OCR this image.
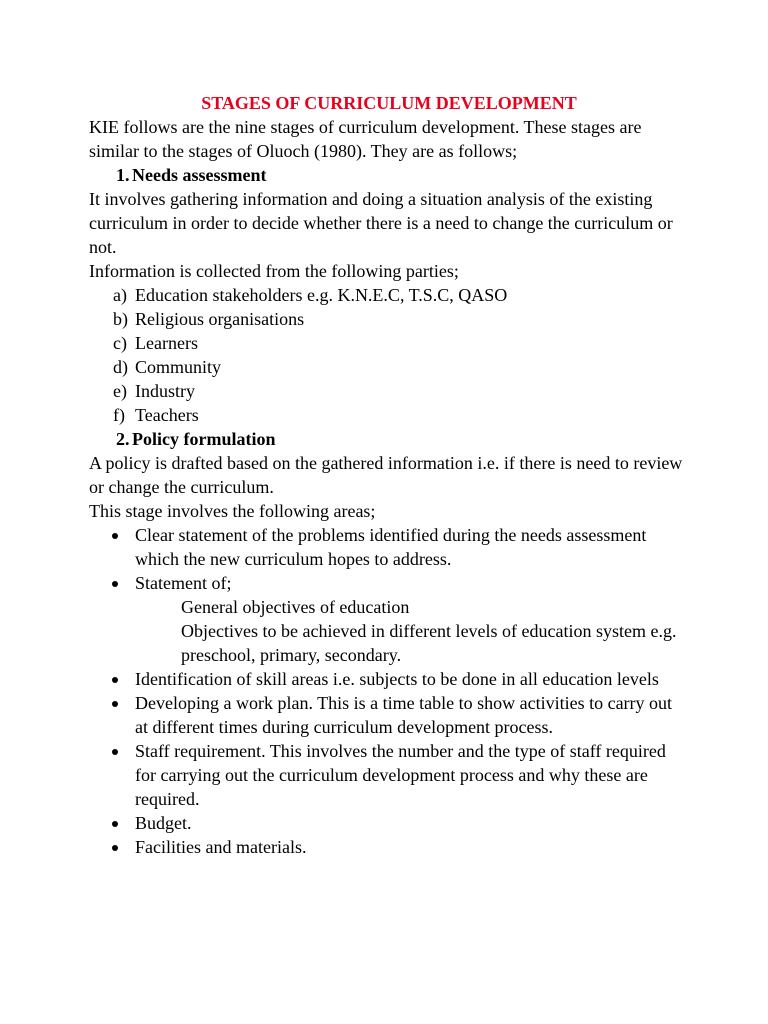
STAGES OF CURRICULUM DEVELOPMENT
KIE follows are the nine stages of curriculum development. These stages are similar to the stages of Oluoch (1980). They are as follows;
1. Needs assessment
It involves gathering information and doing a situation analysis of the existing curriculum in order to decide whether there is a need to change the curriculum or not.
Information is collected from the following parties;
a) Education stakeholders e.g. K.N.E.C, T.S.C, QASO
b) Religious organisations
c) Learners
d) Community
e) Industry
f) Teachers
2. Policy formulation
A policy is drafted based on the gathered information i.e. if there is need to review or change the curriculum.
This stage involves the following areas;
Clear statement of the problems identified during the needs assessment which the new curriculum hopes to address.
Statement of;
General objectives of education
Objectives to be achieved in different levels of education system e.g. preschool, primary, secondary.
Identification of skill areas i.e. subjects to be done in all education levels
Developing a work plan. This is a time table to show activities to carry out at different times during curriculum development process.
Staff requirement. This involves the number and the type of staff required for carrying out the curriculum development process and why these are required.
Budget.
Facilities and materials.
